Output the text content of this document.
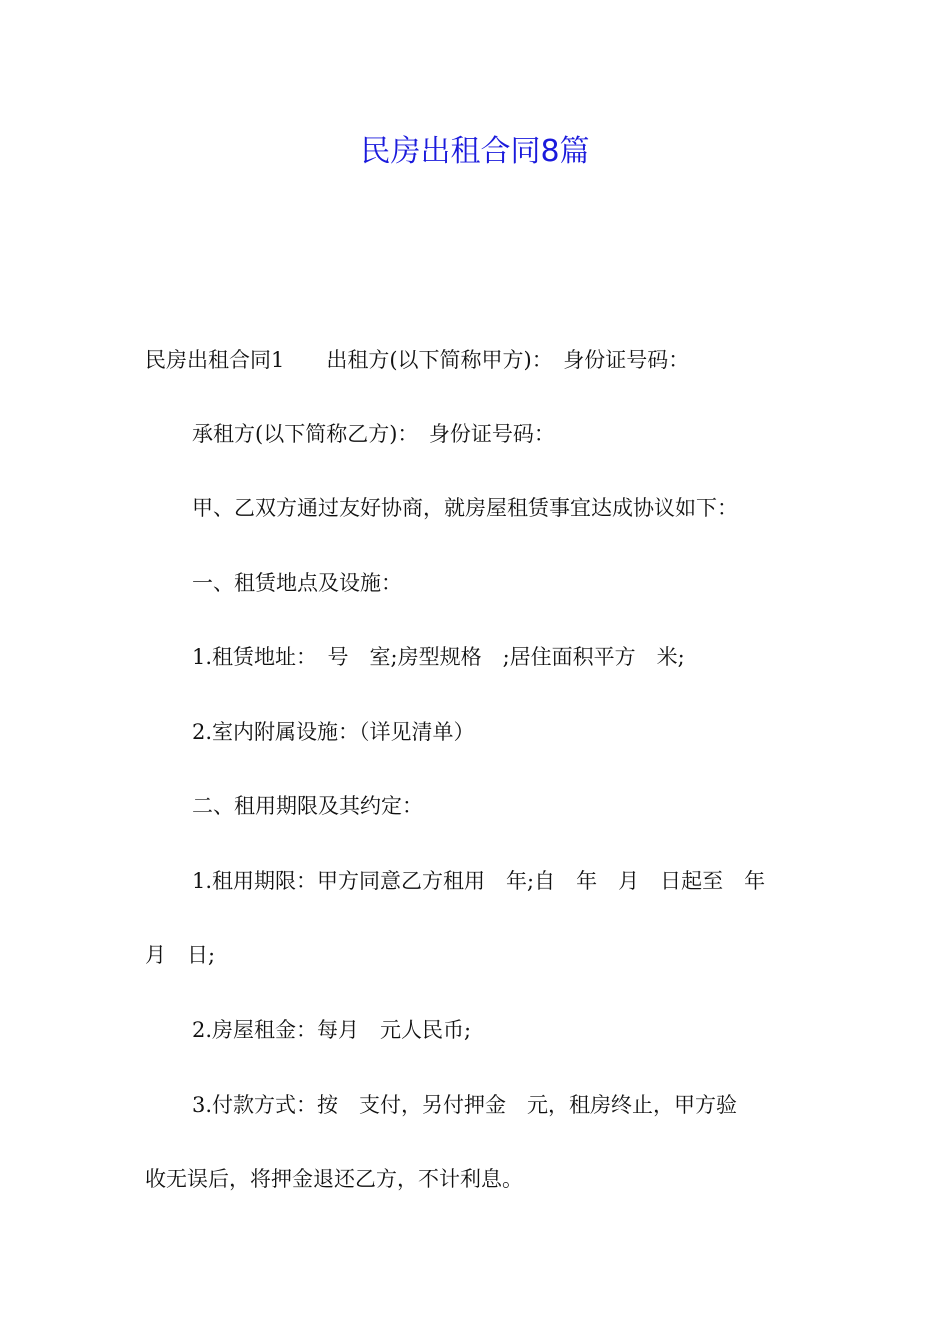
民房出租合同8篇

民房出租合同1　　出租方(以下简称甲方)：　身份证号码：

承租方(以下简称乙方)：　身份证号码：

甲、乙双方通过友好协商，就房屋租赁事宜达成协议如下：

一、租赁地点及设施：

1.租赁地址：　号　室;房型规格　;居住面积平方　米;

2.室内附属设施：（详见清单）

二、租用期限及其约定：

1.租用期限：甲方同意乙方租用　年;自　年　月　日起至　年

月　日;

2.房屋租金：每月　元人民币;

3.付款方式：按　支付，另付押金　元，租房终止，甲方验

收无误后，将押金退还乙方，不计利息。
